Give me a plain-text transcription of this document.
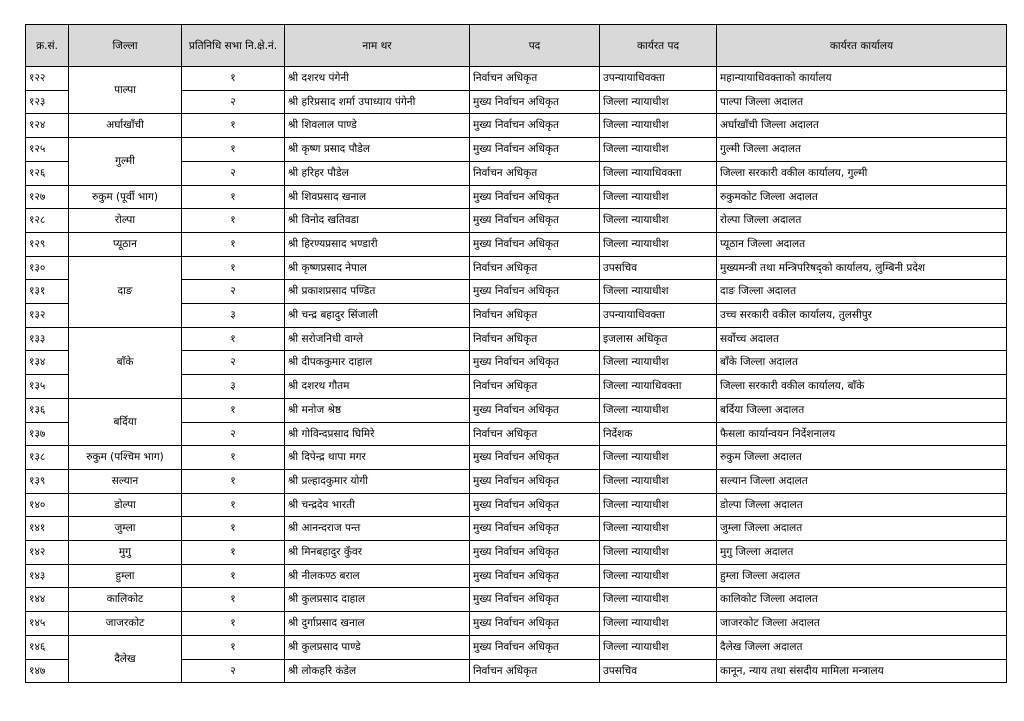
क्र.सं.	जिल्ला	प्रतिनिधि सभा नि.क्षे.नं.	नाम थर	पद	कार्यरत पद	कार्यरत कार्यालय
१२२	पाल्पा	१	श्री दशरथ पंगेनी	निर्वाचन अधिकृत	उपन्यायाधिवक्ता	महान्यायाधिवक्ताको कार्यालय
१२३		२	श्री हरिप्रसाद शर्मा उपाध्याय पंगेनी	मुख्य निर्वाचन अधिकृत	जिल्ला न्यायाधीश	पाल्पा जिल्ला अदालत
१२४	अर्घाखाँची	१	श्री शिवलाल पाण्डे	मुख्य निर्वाचन अधिकृत	जिल्ला न्यायाधीश	अर्घाखाँची जिल्ला अदालत
१२५	गुल्मी	१	श्री कृष्ण प्रसाद पौडेल	मुख्य निर्वाचन अधिकृत	जिल्ला न्यायाधीश	गुल्मी जिल्ला अदालत
१२६		२	श्री हरिहर पौडेल	निर्वाचन अधिकृत	जिल्ला न्यायाधिवक्ता	जिल्ला सरकारी वकील कार्यालय, गुल्मी
१२७	रुकुम (पूर्वी भाग)	१	श्री शिवप्रसाद खनाल	मुख्य निर्वाचन अधिकृत	जिल्ला न्यायाधीश	रुकुमकोट जिल्ला अदालत
१२८	रोल्पा	१	श्री विनोद खतिवडा	मुख्य निर्वाचन अधिकृत	जिल्ला न्यायाधीश	रोल्पा जिल्ला अदालत
१२९	प्यूठान	१	श्री हिरण्यप्रसाद भण्डारी	मुख्य निर्वाचन अधिकृत	जिल्ला न्यायाधीश	प्यूठान जिल्ला अदालत
१३०	दाङ	१	श्री कृष्णप्रसाद नेपाल	निर्वाचन अधिकृत	उपसचिव	मुख्यमन्त्री तथा मन्त्रिपरिषद्को कार्यालय, लुम्बिनी प्रदेश
१३१		२	श्री प्रकाशप्रसाद पण्डित	मुख्य निर्वाचन अधिकृत	जिल्ला न्यायाधीश	दाङ जिल्ला अदालत
१३२		३	श्री चन्द्र बहादुर सिंजाली	निर्वाचन अधिकृत	उपन्यायाधिवक्ता	उच्च सरकारी वकील कार्यालय, तुलसीपुर
१३३	बाँके	१	श्री सरोजनिधी वाग्ले	निर्वाचन अधिकृत	इजलास अधिकृत	सर्वोच्च अदालत
१३४		२	श्री दीपककुमार दाहाल	मुख्य निर्वाचन अधिकृत	जिल्ला न्यायाधीश	बाँके जिल्ला अदालत
१३५		३	श्री दशरथ गौतम	निर्वाचन अधिकृत	जिल्ला न्यायाधिवक्ता	जिल्ला सरकारी वकील कार्यालय, बाँके
१३६	बर्दिया	१	श्री मनोज श्रेष्ठ	मुख्य निर्वाचन अधिकृत	जिल्ला न्यायाधीश	बर्दिया जिल्ला अदालत
१३७		२	श्री गोविन्दप्रसाद घिमिरे	निर्वाचन अधिकृत	निर्देशक	फैसला कार्यान्वयन निर्देशनालय
१३८	रुकुम (पश्चिम भाग)	१	श्री दिपेन्द्र थापा मगर	मुख्य निर्वाचन अधिकृत	जिल्ला न्यायाधीश	रुकुम जिल्ला अदालत
१३९	सल्यान	१	श्री प्रल्हादकुमार योगी	मुख्य निर्वाचन अधिकृत	जिल्ला न्यायाधीश	सल्यान जिल्ला अदालत
१४०	डोल्पा	१	श्री चन्द्रदेव भारती	मुख्य निर्वाचन अधिकृत	जिल्ला न्यायाधीश	डोल्पा जिल्ला अदालत
१४१	जुम्ला	१	श्री आनन्दराज पन्त	मुख्य निर्वाचन अधिकृत	जिल्ला न्यायाधीश	जुम्ला जिल्ला अदालत
१४२	मुगु	१	श्री मिनबहादुर कुँवर	मुख्य निर्वाचन अधिकृत	जिल्ला न्यायाधीश	मुगु जिल्ला अदालत
१४३	हुम्ला	१	श्री नीलकण्ठ बराल	मुख्य निर्वाचन अधिकृत	जिल्ला न्यायाधीश	हुम्ला जिल्ला अदालत
१४४	कालिकोट	१	श्री कुलप्रसाद दाहाल	मुख्य निर्वाचन अधिकृत	जिल्ला न्यायाधीश	कालिकोट जिल्ला अदालत
१४५	जाजरकोट	१	श्री दुर्गाप्रसाद खनाल	मुख्य निर्वाचन अधिकृत	जिल्ला न्यायाधीश	जाजरकोट जिल्ला अदालत
१४६	दैलेख	१	श्री कुलप्रसाद पाण्डे	मुख्य निर्वाचन अधिकृत	जिल्ला न्यायाधीश	दैलेख जिल्ला अदालत
१४७		२	श्री लोकहरि कंडेल	निर्वाचन अधिकृत	उपसचिव	कानून, न्याय तथा संसदीय मामिला मन्त्रालय
